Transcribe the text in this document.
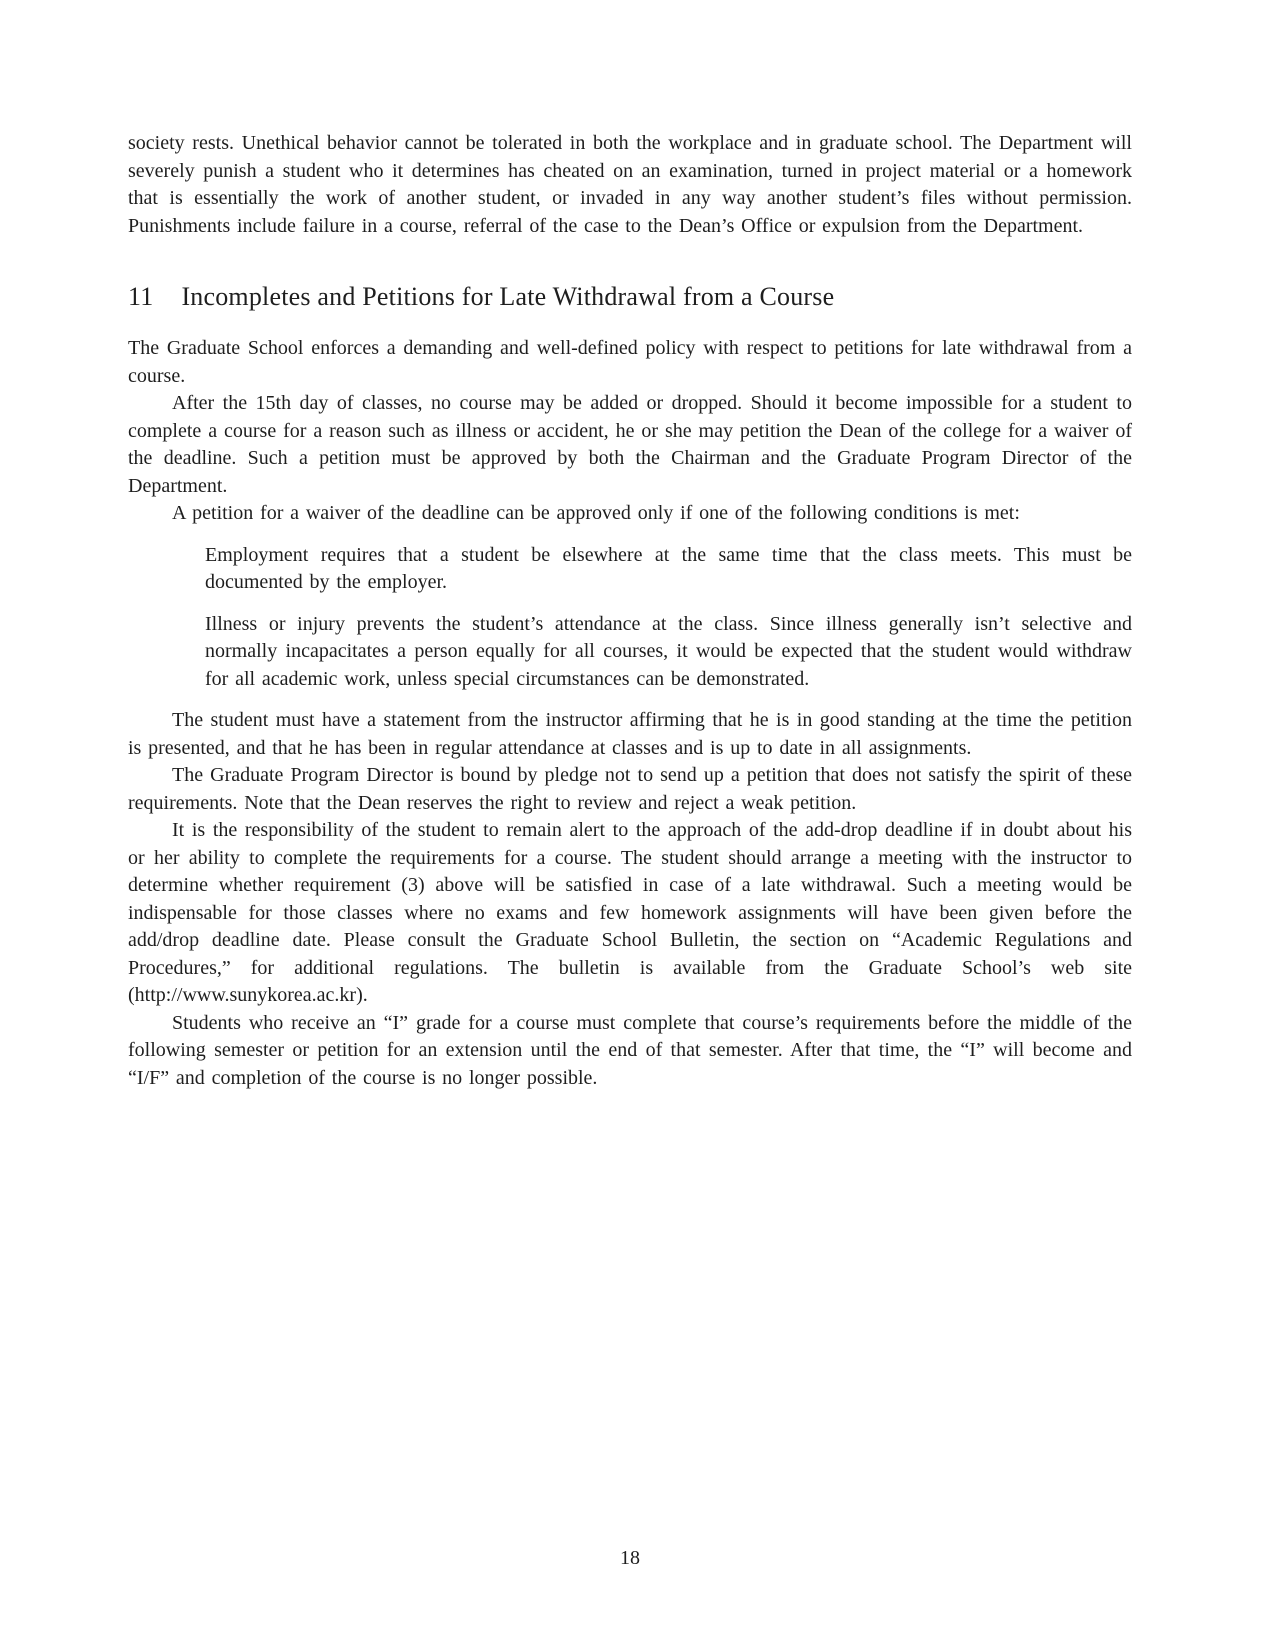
society rests. Unethical behavior cannot be tolerated in both the workplace and in graduate school. The Department will severely punish a student who it determines has cheated on an examination, turned in project material or a homework that is essentially the work of another student, or invaded in any way another student’s files without permission. Punishments include failure in a course, referral of the case to the Dean’s Office or expulsion from the Department.

11 Incompletes and Petitions for Late Withdrawal from a Course

The Graduate School enforces a demanding and well-defined policy with respect to petitions for late withdrawal from a course.

After the 15th day of classes, no course may be added or dropped. Should it become impossible for a student to complete a course for a reason such as illness or accident, he or she may petition the Dean of the college for a waiver of the deadline. Such a petition must be approved by both the Chairman and the Graduate Program Director of the Department.

A petition for a waiver of the deadline can be approved only if one of the following conditions is met:

Employment requires that a student be elsewhere at the same time that the class meets. This must be documented by the employer.
Illness or injury prevents the student’s attendance at the class. Since illness generally isn’t selective and normally incapacitates a person equally for all courses, it would be expected that the student would withdraw for all academic work, unless special circumstances can be demonstrated.

The student must have a statement from the instructor affirming that he is in good standing at the time the petition is presented, and that he has been in regular attendance at classes and is up to date in all assignments.

The Graduate Program Director is bound by pledge not to send up a petition that does not satisfy the spirit of these requirements. Note that the Dean reserves the right to review and reject a weak petition.

It is the responsibility of the student to remain alert to the approach of the add-drop deadline if in doubt about his or her ability to complete the requirements for a course. The student should arrange a meeting with the instructor to determine whether requirement (3) above will be satisfied in case of a late withdrawal. Such a meeting would be indispensable for those classes where no exams and few homework assignments will have been given before the add/drop deadline date. Please consult the Graduate School Bulletin, the section on “Academic Regulations and Procedures,” for additional regulations. The bulletin is available from the Graduate School’s web site (http://www.sunykorea.ac.kr).

Students who receive an “I” grade for a course must complete that course’s requirements before the middle of the following semester or petition for an extension until the end of that semester. After that time, the “I” will become and “I/F” and completion of the course is no longer possible.

18
